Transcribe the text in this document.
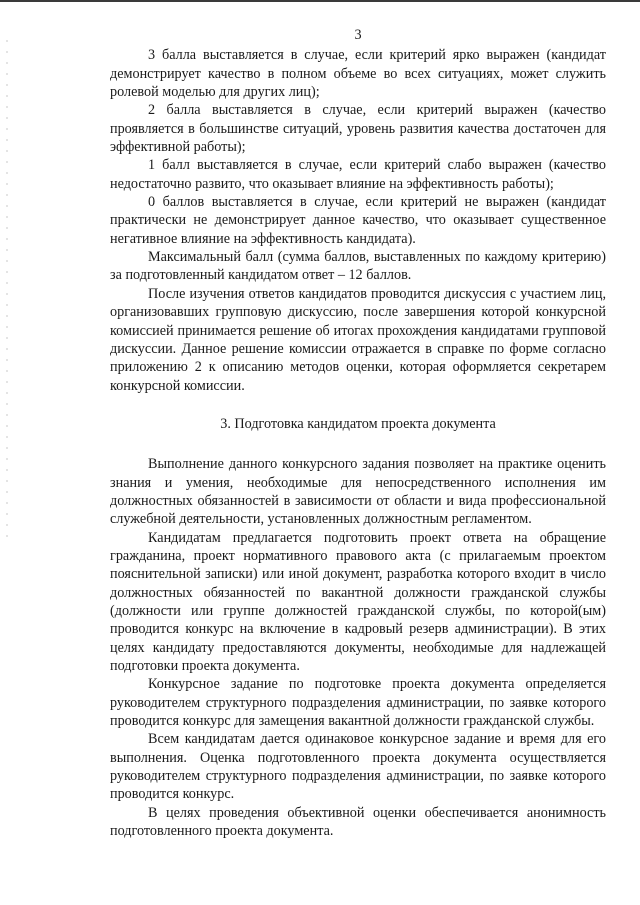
3

3 балла выставляется в случае, если критерий ярко выражен (кандидат демонстрирует качество в полном объеме во всех ситуациях, может служить ролевой моделью для других лиц);

2 балла выставляется в случае, если критерий выражен (качество проявляется в большинстве ситуаций, уровень развития качества достаточен для эффективной работы);

1 балл выставляется в случае, если критерий слабо выражен (качество недостаточно развито, что оказывает влияние на эффективность работы);

0 баллов выставляется в случае, если критерий не выражен (кандидат практически не демонстрирует данное качество, что оказывает существенное негативное влияние на эффективность кандидата).

Максимальный балл (сумма баллов, выставленных по каждому критерию) за подготовленный кандидатом ответ – 12 баллов.

После изучения ответов кандидатов проводится дискуссия с участием лиц, организовавших групповую дискуссию, после завершения которой конкурсной комиссией принимается решение об итогах прохождения кандидатами групповой дискуссии. Данное решение комиссии отражается в справке по форме согласно приложению 2 к описанию методов оценки, которая оформляется секретарем конкурсной комиссии.

3. Подготовка кандидатом проекта документа

Выполнение данного конкурсного задания позволяет на практике оценить знания и умения, необходимые для непосредственного исполнения им должностных обязанностей в зависимости от области и вида профессиональной служебной деятельности, установленных должностным регламентом.

Кандидатам предлагается подготовить проект ответа на обращение гражданина, проект нормативного правового акта (с прилагаемым проектом пояснительной записки) или иной документ, разработка которого входит в число должностных обязанностей по вакантной должности гражданской службы (должности или группе должностей гражданской службы, по которой(ым) проводится конкурс на включение в кадровый резерв администрации). В этих целях кандидату предоставляются документы, необходимые для надлежащей подготовки проекта документа.

Конкурсное задание по подготовке проекта документа определяется руководителем структурного подразделения администрации, по заявке которого проводится конкурс для замещения вакантной должности гражданской службы.

Всем кандидатам дается одинаковое конкурсное задание и время для его выполнения. Оценка подготовленного проекта документа осуществляется руководителем структурного подразделения администрации, по заявке которого проводится конкурс.

В целях проведения объективной оценки обеспечивается анонимность подготовленного проекта документа.
